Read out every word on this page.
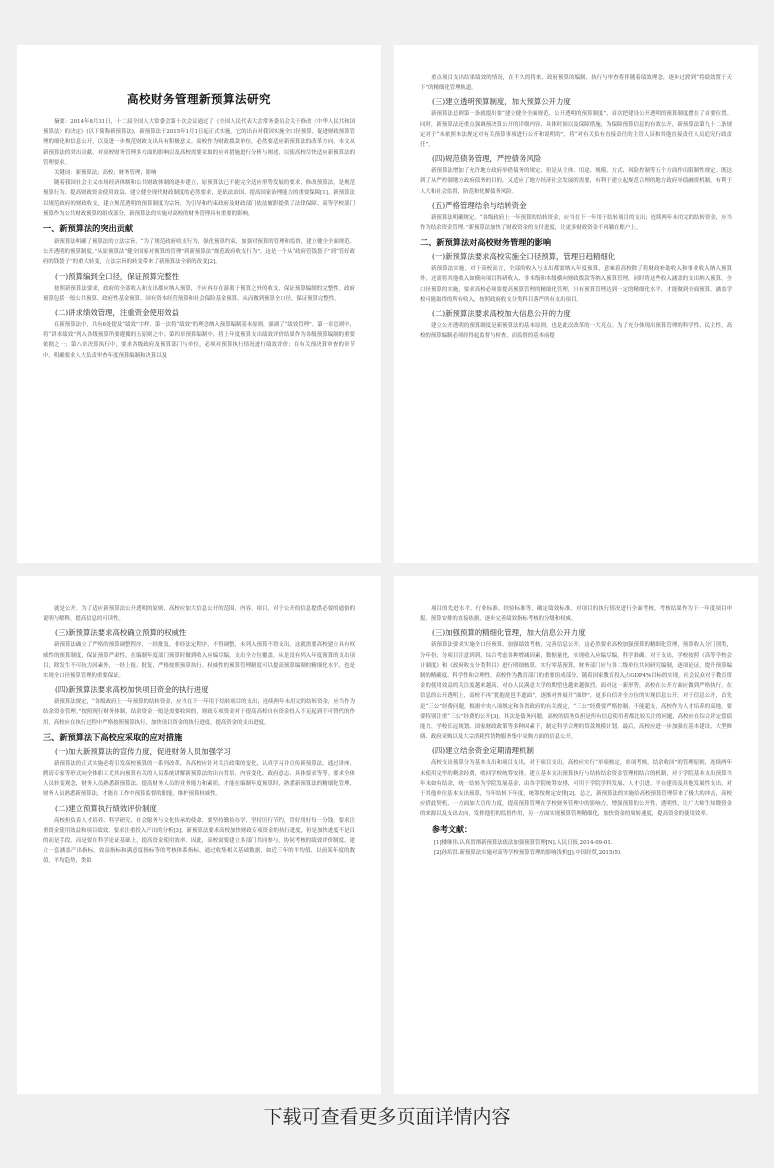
高校财务管理新预算法研究

摘要：2014年8月31日，十二届全国人大常委会第十次会议通过了《全国人民代表大会常务委员会关于修改〈中华人民共和国预算法〉的决定》(以下简称新预算法)，新预算法于2015年1月1日起正式实施。它的出台对我国实施全口径预算，促进财政预算管理的细化和信息公开，以及进一步规范财政支出具有积极意义。高校作为财政拨款单位，必然要适应新预算法的改革方向。本文从新预算法的突出贡献，对高校财务管理多方面的影响以及高校需要采取的应对措施进行分析与阐述，以使高校尽快适应新预算法的管理要求。

关键词：新预算法；高校；财务管理；影响

随着我国社会主义市场经济体制和公共财政体制的逐步建立，原预算法已不能完全适应形势发展的要求，修改预算法，是规范预算行为、提高财政资金使用效益、建立健全现代财政制度的必然要求，是依法治国、提高国家治理能力的重要保障[1]。新预算法以规范政府的财政收支，建立规范透明的预算制度为宗旨，为引导和约束政府及财政部门依法履职提供了法律保障。高等学校部门预算作为公共财政预算的组成部分，新预算法的实施对高校的财务管理具有重要的影响。

一、新预算法的突出贡献

新预算法明确了预算法的立法宗旨，“为了规范政府收支行为，强化预算约束，加强对预算的管理和监督，建立健全全面规范、公开透明的预算制度。”从原预算法“健全国家对预算的管理”到新预算法“规范政府收支行为”，这是一个从“政府管钱袋子”到“管好政府的钱袋子”的重大转变，立法宗旨的转变带来了新预算法全新的改变[2]。

(一)预算编到全口径，保证预算完整性

按照新预算法要求，政府的全部收入和支出都应纳入预算，不应再存在游离于预算之外的收支，保证预算编制的完整性。政府预算包括一般公共预算、政府性基金预算、国有资本经营预算和社会保险基金预算，从而做到预算全口径，保证预算完整性。

(二)讲求绩效管理，注重资金使用效益

在新预算法中，共有6处提及“绩效”字样，第一次将“绩效”的理念纳入预算编制基本原则，强调了“绩效管理”。第一章总则中，将“讲求绩效”列入各级预算所要遵循的五原则之中；第四章预算编制中，将上年度预算支出绩效评价结果作为各级预算编制的重要依据之一；第八章决算执行中，要求各级政府及预算部门与单位，必须对预算执行情况进行绩效评价；在有关预决算审查的章节中，明确要求人大负责审查年度预算编制和决算以及

重点项目支出结果绩效的情况，在不久的将来，政府预算的编制、执行与审查将伴随着绩效理念，逐步过渡到“将绩效置于天下”的精细化管理轨道。

(三)建立透明预算制度，加大预算公开力度

新预算法总则第一条就提出要“建立健全全面规范、公开透明的预算制度”，首次把建设公开透明的预算制度摆在了首要位置。同时，新预算法还重点强调预决算公开的详细内容、具体时间以及保障措施，为保障预算信息的有效公开，新预算法第九十二条规定对于“未依照本法规定对有关预算事项进行公开和说明的”，将“对有关负有直接责任的主管人员和其他直接责任人员追究行政责任”。

(四)规范债务管理，严控债务风险

新预算法增加了允许地方政府举借债务的规定，但是从主体、用途、规模、方式、风险控制等五个方面作出限制性规定。既达到了从严控制地方政府债务的目的，又适应了地方经济社会发展的需要，有利于建立起规范合理的地方政府举债融资机制，有利于人大和社会监督，防范和化解债务风险。

(五)严格管理结余与结转资金

新预算法明确规定，“各级政府上一年预算的结转资金，应当在下一年用于结转项目的支出；连续两年未用完的结转资金，应当作为结余资金管理。”新预算法加快了财政资金的支付进度，让更多财政资金不再躺在账户上。

二、新预算法对高校财务管理的影响
(一)新预算法要求高校实施全口径预算，管理日趋精细化

新预算法实施，对于高校而言，全部的收入与支出都需纳入年度预算，意味着高校除了将财政补助收入和事业收入纳入预算外，还需将其他收入如横向项目科研收入、非本级和本级横向财政拨款等纳入预算管理，同时将这些收入涵盖的支出纳入预算，全口径预算的实施，要求高校必须要提高预算管理的精细化管理，只有预算管理达到一定的精细化水平，才能做到全面预算，涵盖学校可能取得的所有收入，按照政府收支分类科目落严所有支出项目。

(二)新预算法要求高校加大信息公开的力度

建立公开透明的预算制度是新预算法的基本原则，也是此次改革的一大亮点。为了充分体现出预算管理的科学性、民主性，高校的预算编制必须经得起监督与检查，而监督的基本前提

就是公开。为了适应新预算法公开透明的原则，高校应加大信息公开的范围、内容、项目，对于公开的信息提供必要的通俗的说明与解释，提高信息的可读性。

(三)新预算法要求高校确立预算的权威性

新预算法确立了严格的预算调整程序，一经批复，非经法定程序，不得调整，未列入预算不得支出。这就需要高校建立具有权威性的预算制度，保证预算严肃性，在编制年度部门预算时做到收入应编尽编，支出全方位覆盖，从是没有列入年度预算的支出项目，除发生不可抗力因素外，一经上报、批复，严格按照预算执行。权威性的预算管理制度可以提高预算编制的精细化水平，也是实现全口径预算管理的重要保证。

(四)新预算法要求高校加快项目资金的执行进度

新预算法规定，“各级政府上一年预算的结转资金，应当在下一年用于结转项目的支出；连续两年未用完的结转资金，应当作为结余资金管理。”按照现行财务体制，结余资金一般是需要收回的，财政专项资金对于提高高校自有资金投入不足起到不可替代的作用，高校应在执行过程中严格按照预算执行，加快项目资金的执行进度，提高资金的支出进度。

三、新预算法下高校应采取的应对措施
(一)加大新预算法的宣传力度，促进财务人员加强学习

新预算法的正式实施必将引发高校预算的一系列改革，各高校应针对关注政策的变化，认真学习并宣传新预算法，通过讲座、聘请专家等形式向全体职工尤其向预算有关的人员系统讲解新预算法的出台背景、内容变化、政府意志、具体要求等等。要求全体人员转变观念，财务人员熟悉新预算法，提高财务人员的业务能力和素质，才能在编制年度预算时，熟悉新预算法的精细化管理、财务人员熟悉新预算法，才能在工作中预算监督的职能，维护预算权威性。

(二)建立预算执行绩效评价制度

高校担负着人才培养、科学研究、社会服务与文化传承的使命，要坚持勤俭办学，坚持厉行节约，管好用好每一分钱，要求注重资金使用效益和项目绩效，要求注重投入产出的分析[3]。新预算法要求高校加快财政专项资金的执行进度，但是加快进度不是目的而是手段，而是要在科学论证基础上，提高资金使用效率。因此，高校需要建立多部门共同参与，协同考核的绩效评价制度，建立一套涵盖产出指标，效益指标和满意度指标等的考核体系指标，通过收集相关基础数据，如近三年的平均值、以前某年度的数值，平均趋势，类似

项目的先进水平、行业标准、经验标准等，确定绩效标准，对项目的执行情况进行全面考核，考核结果作为下一年度项目申报、预算安排的直接依据，逐步完善绩效指标考核的分级和权威。

(三)加强预算的精细化管理，加大信息公开力度

新预算法要求实施全口径预算，加强绩效考核，完善信息公开，这必然要求高校加强预算的精细化管理，预算收入分门别类，分年份，分项目注意到到，综合考虑各种增减因素，数据量化，实现收入应编尽编，科学准确。对于支出，学校按照《高等学校会计制度》和《政府收支分类科目》进行明细核算，实行零基预算，财务部门应与各二级单位共同研究编制，逐项论证，提升预算编制的精确度、科学性和合理性，高校作为教育部门的重要组成部分，随着国家教育投入占GDP4%目标的实现，社会民众对于教育资金的使用效益的关注度越来越高，对办人民满意大学的期望也越来越强烈，面对这一新形势，高校在公开方面应做到严格执行，在信息的公开透明上，高校不再“犹抱琵琶半遮面”，逐渐对外展开“面纱”，更多自信并全方位的实现信息公开。对于信息公开，首先是“三公”经费问题，根据中央八项规定和各省政府的有关规定，“三公”经费要严格控制，不能超支，高校作为人才培养的高地，要要特别注重“三公”经费的公开[3]。其次是债务问题，高校的债务负担是所有信息使用者都比较关注的问题，高校应在综合评定偿债能力，学校长远规划、国家财政政策等多种因素下，制定科学合理的贷款规模计划。最后，高校应进一步加强在基本建设、大型修缮、政府采购以及大宗消耗性货物服务集中采购方面的信息公开。

(四)建立结余资金定期清理机制

高校支出预算分为基本支出和项目支出，对于项目支出，高校应实行“单项核定，单项考核，结余收回”的管理原则，连续两年未使用完毕的剩余经费，收回学校统筹安排。建立基本支出预算执行与结转结余资金管理相结合的机制，对于学院基本支出预算当年未如有结余，统一结转为学院发展基金，由各学院统筹安排，可用于学院学科发展、人才引进、平台建设及其他发展性支出，对于其他单位基本支出预算，当年结转下年度，统筹按规定安排[2]。总之，新预算法的实施给高校预算管理带来了极大的冲击，高校应借此契机，一方面加大宣传力度，提高预算管理在学校财务管理中的影响力，增强预算的公开性，透明性，让广大师生知晓资金的来源以及支出去向，发挥他们的监督作用，另一方面实现预算管理精细化，加快资金的周转速度，提高资金的使用效率。

参考文献：

[1]楼继伟.认真贯彻新预算法依法加强预算管理[N].人民日报,2014-09-01.

[2]孙培洪.新预算法实施对高等学校预算管理的影响浅析[J].中国经贸,2015(5).

下载可查看更多页面详情内容
